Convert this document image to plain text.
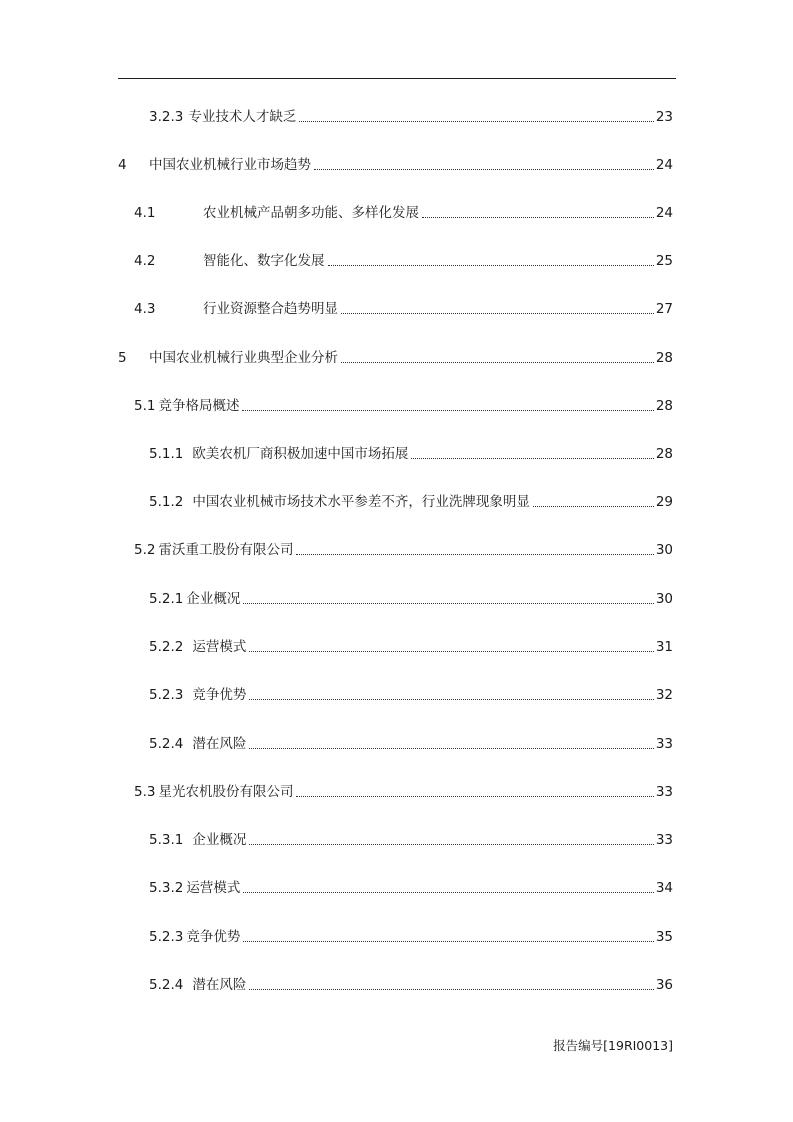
3.2.3 专业技术人才缺乏	23
4	中国农业机械行业市场趋势	24
4.1	农业机械产品朝多功能、多样化发展	24
4.2	智能化、数字化发展	25
4.3	行业资源整合趋势明显	27
5	中国农业机械行业典型企业分析	28
5.1 竞争格局概述	28
5.1.1 欧美农机厂商积极加速中国市场拓展	28
5.1.2 中国农业机械市场技术水平参差不齐，行业洗牌现象明显	29
5.2 雷沃重工股份有限公司	30
5.2.1 企业概况	30
5.2.2 运营模式	31
5.2.3 竞争优势	32
5.2.4 潜在风险	33
5.3 星光农机股份有限公司	33
5.3.1 企业概况	33
5.3.2 运营模式	34
5.2.3 竞争优势	35
5.2.4 潜在风险	36
报告编号[19RI0013]
